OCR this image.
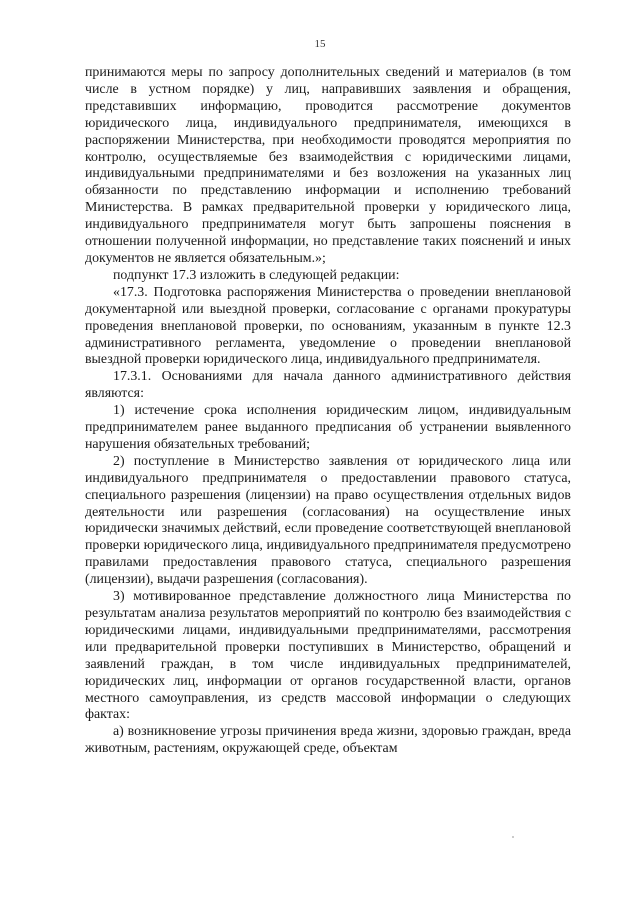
15

принимаются меры по запросу дополнительных сведений и материалов (в том числе в устном порядке) у лиц, направивших заявления и обращения, представивших информацию, проводится рассмотрение документов юридического лица, индивидуального предпринимателя, имеющихся в распоряжении Министерства, при необходимости проводятся мероприятия по контролю, осуществляемые без взаимодействия с юридическими лицами, индивидуальными предпринимателями и без возложения на указанных лиц обязанности по представлению информации и исполнению требований Министерства. В рамках предварительной проверки у юридического лица, индивидуального предпринимателя могут быть запрошены пояснения в отношении полученной информации, но представление таких пояснений и иных документов не является обязательным.»;

подпункт 17.3 изложить в следующей редакции:

«17.3. Подготовка распоряжения Министерства о проведении внеплановой документарной или выездной проверки, согласование с органами прокуратуры проведения внеплановой проверки, по основаниям, указанным в пункте 12.3 административного регламента, уведомление о проведении внеплановой выездной проверки юридического лица, индивидуального предпринимателя.

17.3.1. Основаниями для начала данного административного действия являются:

1) истечение срока исполнения юридическим лицом, индивидуальным предпринимателем ранее выданного предписания об устранении выявленного нарушения обязательных требований;

2) поступление в Министерство заявления от юридического лица или индивидуального предпринимателя о предоставлении правового статуса, специального разрешения (лицензии) на право осуществления отдельных видов деятельности или разрешения (согласования) на осуществление иных юридически значимых действий, если проведение соответствующей внеплановой проверки юридического лица, индивидуального предпринимателя предусмотрено правилами предоставления правового статуса, специального разрешения (лицензии), выдачи разрешения (согласования).

3) мотивированное представление должностного лица Министерства по результатам анализа результатов мероприятий по контролю без взаимодействия с юридическими лицами, индивидуальными предпринимателями, рассмотрения или предварительной проверки поступивших в Министерство, обращений и заявлений граждан, в том числе индивидуальных предпринимателей, юридических лиц, информации от органов государственной власти, органов местного самоуправления, из средств массовой информации о следующих фактах:

а) возникновение угрозы причинения вреда жизни, здоровью граждан, вреда животным, растениям, окружающей среде, объектам
